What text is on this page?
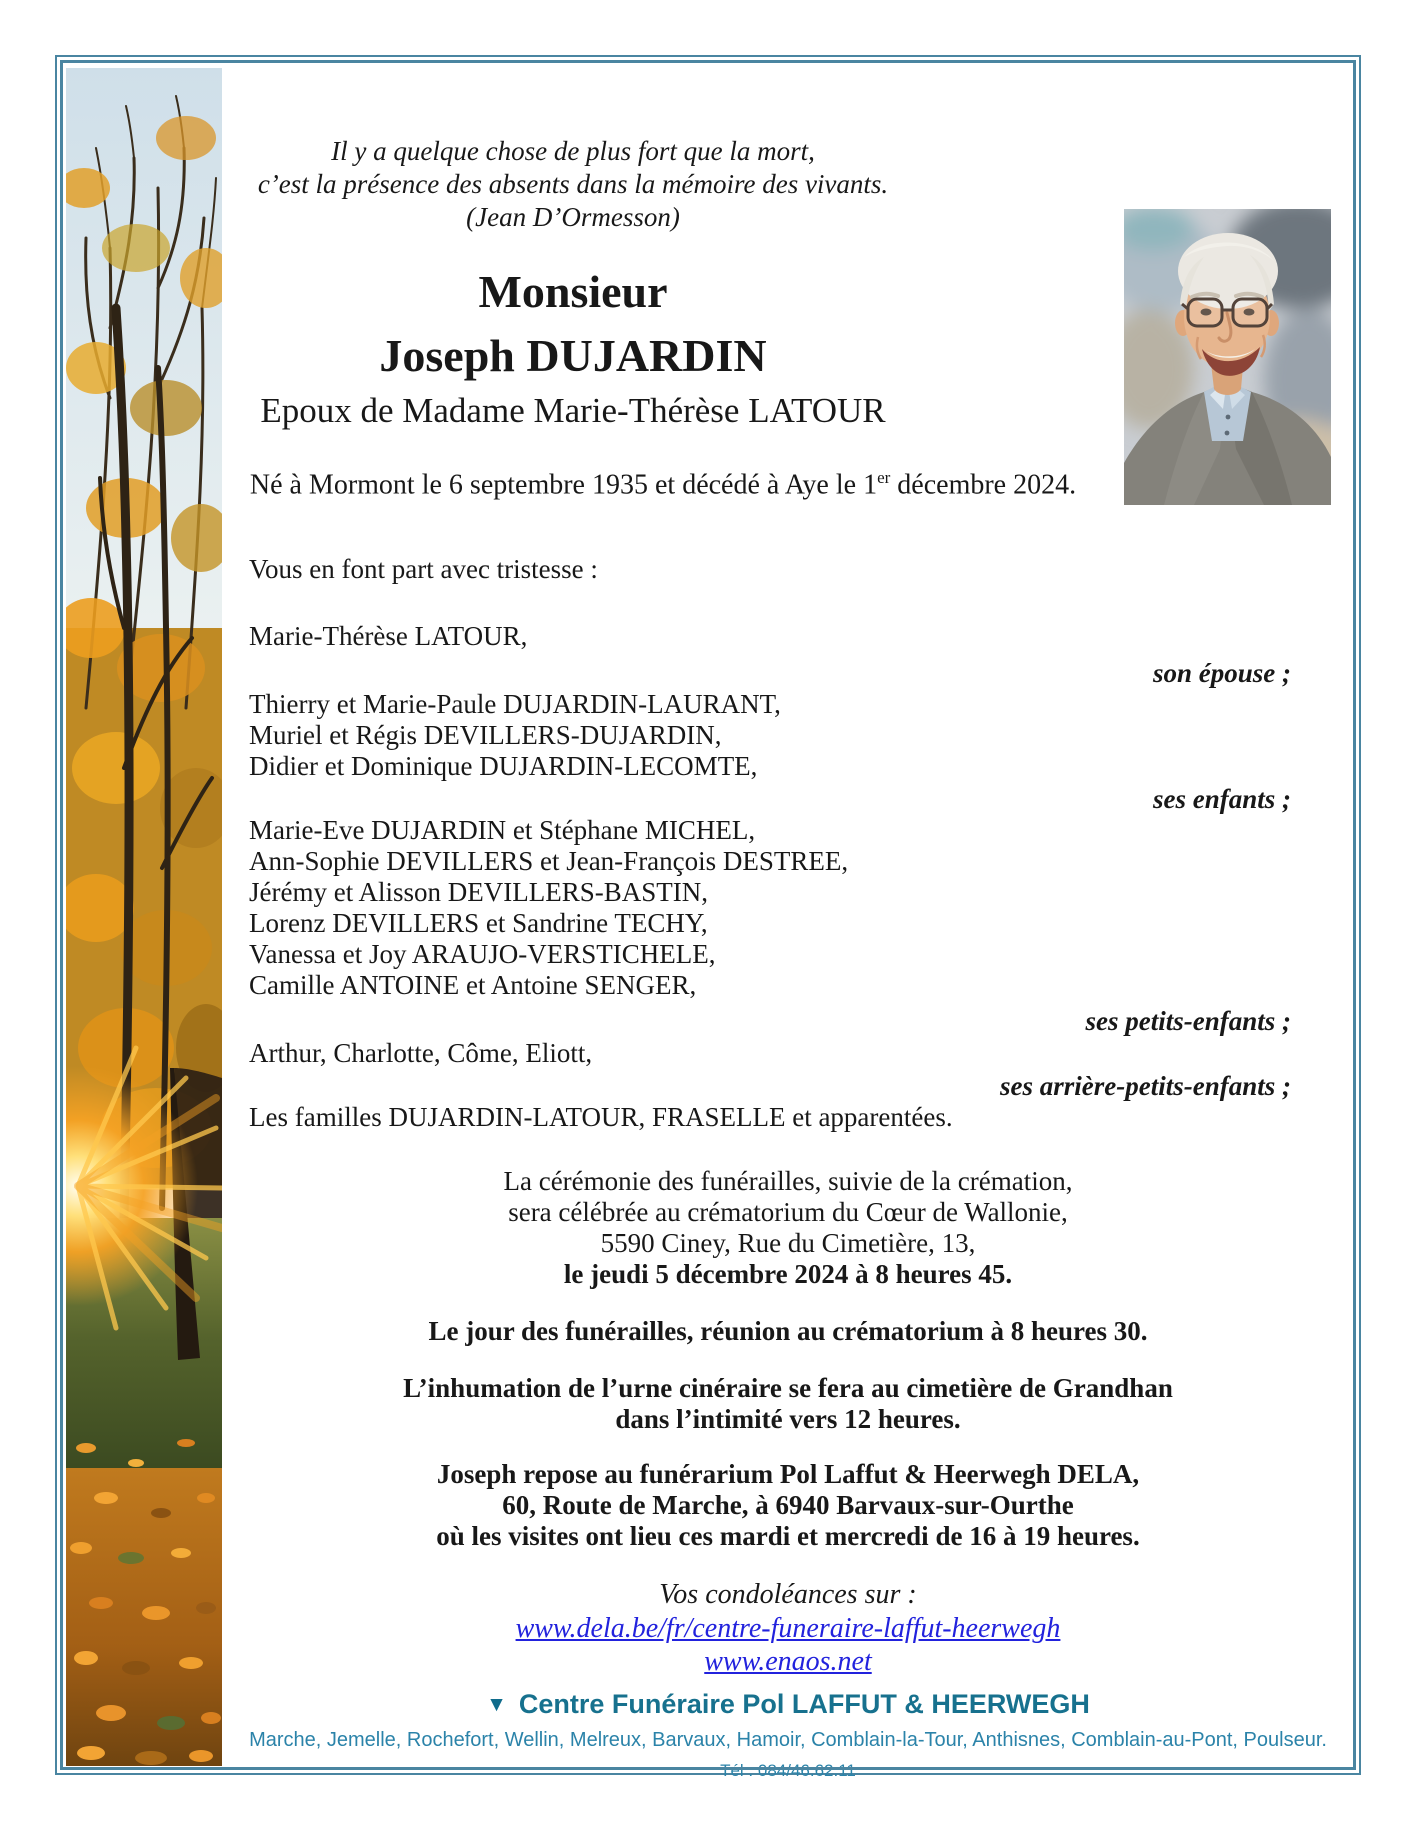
Il y a quelque chose de plus fort que la mort,

c’est la présence des absents dans la mémoire des vivants.

(Jean D’Ormesson)

Monsieur

Joseph DUJARDIN

Epoux de Madame Marie-Thérèse LATOUR

Né à Mormont le 6 septembre 1935 et décédé à Aye le 1er décembre 2024.

Vous en font part avec tristesse :

Marie-Thérèse LATOUR,

son épouse ;

Thierry et Marie-Paule DUJARDIN-LAURANT,

Muriel et Régis DEVILLERS-DUJARDIN,

Didier et Dominique DUJARDIN-LECOMTE,

ses enfants ;

Marie-Eve DUJARDIN et Stéphane MICHEL,

Ann-Sophie DEVILLERS et Jean-François DESTREE,

Jérémy et Alisson DEVILLERS-BASTIN,

Lorenz DEVILLERS et Sandrine TECHY,

Vanessa et Joy ARAUJO-VERSTICHELE,

Camille ANTOINE et Antoine SENGER,

ses petits-enfants ;

Arthur, Charlotte, Côme, Eliott,

ses arrière-petits-enfants ;

Les familles DUJARDIN-LATOUR, FRASELLE et apparentées.

La cérémonie des funérailles, suivie de la crémation,

sera célébrée au crématorium du Cœur de Wallonie,

5590 Ciney, Rue du Cimetière, 13,

le jeudi 5 décembre 2024 à 8 heures 45.

Le jour des funérailles, réunion au crématorium à 8 heures 30.

L’inhumation de l’urne cinéraire se fera au cimetière de Grandhan

dans l’intimité vers 12 heures.

Joseph repose au funérarium Pol Laffut & Heerwegh DELA,

60, Route de Marche, à 6940 Barvaux-sur-Ourthe

où les visites ont lieu ces mardi et mercredi de 16 à 19 heures.

Vos condoléances sur :

www.dela.be/fr/centre-funeraire-laffut-heerwegh
www.enaos.net

▼ Centre Funéraire Pol LAFFUT & HEERWEGH

Marche, Jemelle, Rochefort, Wellin, Melreux, Barvaux, Hamoir, Comblain-la-Tour, Anthisnes, Comblain-au-Pont, Poulseur.

Tél : 084/46.62.11
